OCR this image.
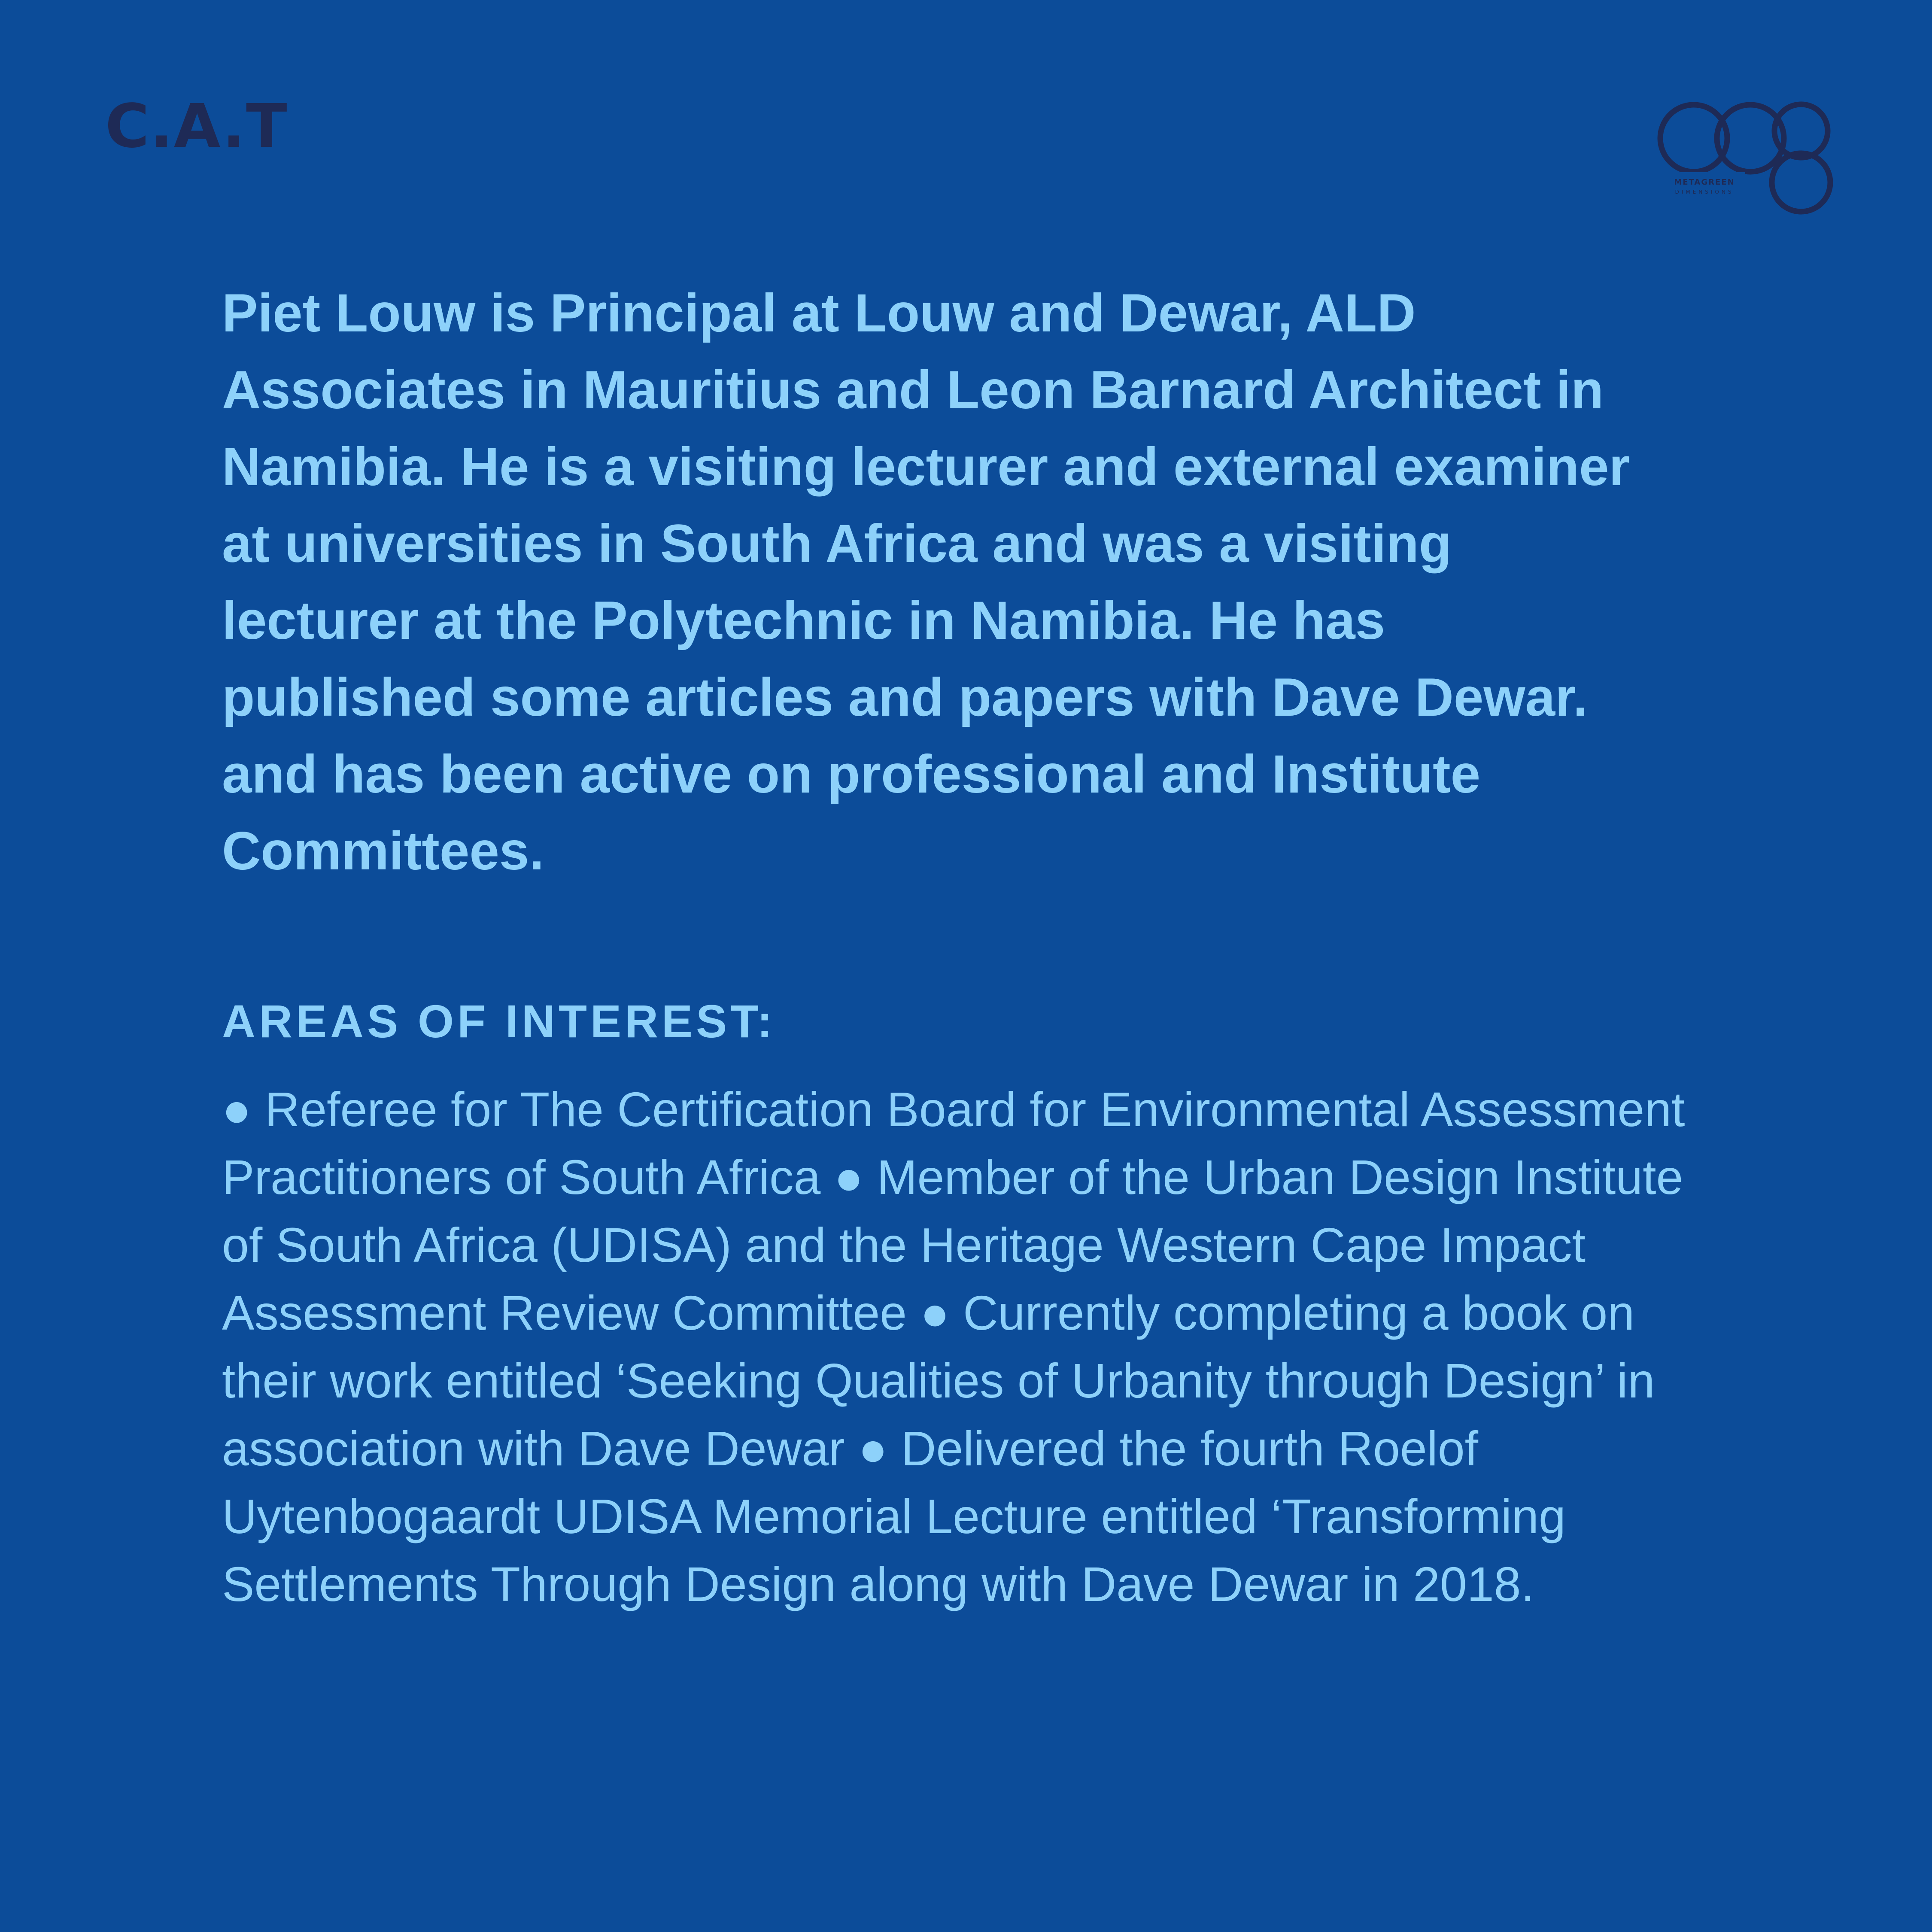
C.A.T
METAGREEN
DIMENSIONS

Piet Louw is Principal at Louw and Dewar, ALD Associates in Mauritius and Leon Barnard Architect in Namibia. He is a visiting lecturer and external examiner at universities in South Africa and was a visiting lecturer at the Polytechnic in Namibia. He has published some articles and papers with Dave Dewar. and has been active on professional and Institute Committees.

AREAS OF INTEREST:

● Referee for The Certification Board for Environmental Assessment Practitioners of South Africa ● Member of the Urban Design Institute of South Africa (UDISA) and the Heritage Western Cape Impact Assessment Review Committee ● Currently completing a book on their work entitled ‘Seeking Qualities of Urbanity through Design’ in association with Dave Dewar ● Delivered the fourth Roelof Uytenbogaardt UDISA Memorial Lecture entitled ‘Transforming Settlements Through Design along with Dave Dewar in 2018.
